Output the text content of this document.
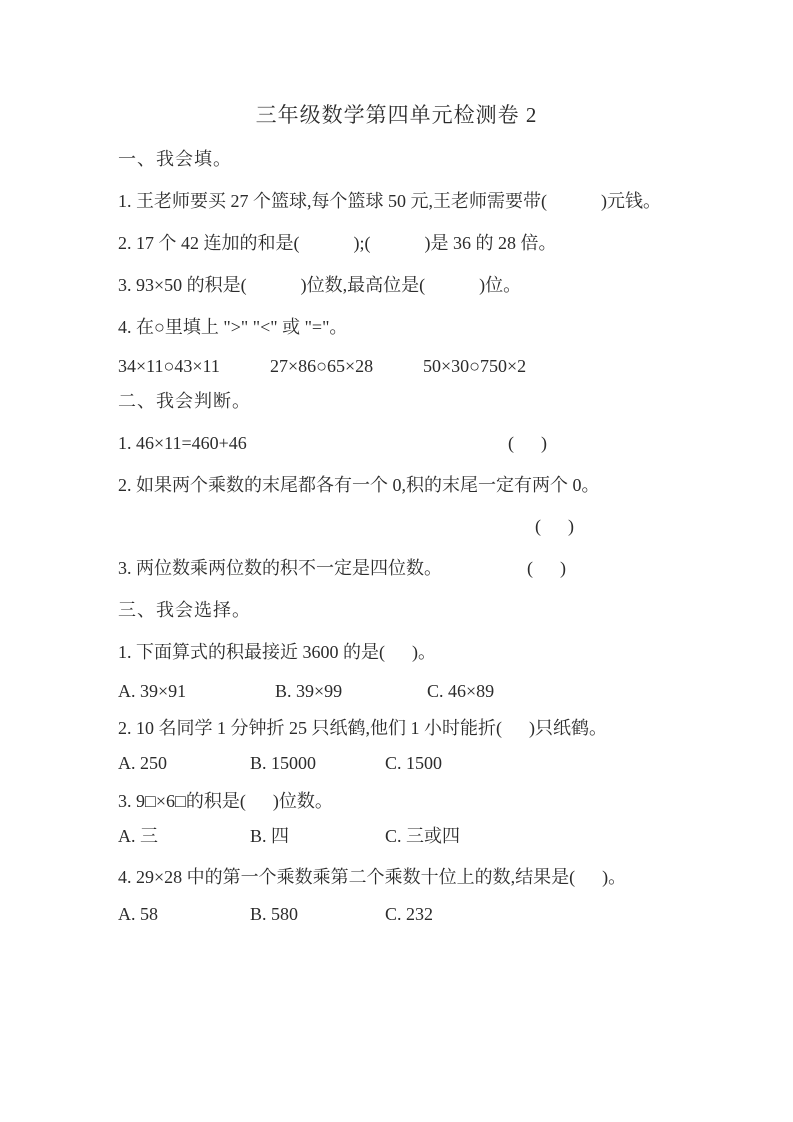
三年级数学第四单元检测卷 2
一、我会填。
1. 王老师要买 27 个篮球,每个篮球 50 元,王老师需要带(            )元钱。
2. 17 个 42 连加的和是(            );(            )是 36 的 28 倍。
3. 93×50 的积是(            )位数,最高位是(            )位。
4. 在○里填上 ">" "<" 或 "="。

34×11○43×11

	27×86○65×28

	50×30○750×2

二、我会判断。

1. 46×11=460+46

	(      )

2. 如果两个乘数的末尾都各有一个 0,积的末尾一定有两个 0。
(      )

3. 两位数乘两位数的积不一定是四位数。

	(      )

三、我会选择。
1. 下面算式的积最接近 3600 的是(      )。

A. 39×91

	B. 39×99

	C. 46×89

2. 10 名同学 1 分钟折 25 只纸鹤,他们 1 小时能折(      )只纸鹤。

A. 250

	B. 15000

	C. 1500

3. 9□×6□的积是(      )位数。

A. 三

	B. 四

	C. 三或四

4. 29×28 中的第一个乘数乘第二个乘数十位上的数,结果是(      )。

A. 58

	B. 580

	C. 232
